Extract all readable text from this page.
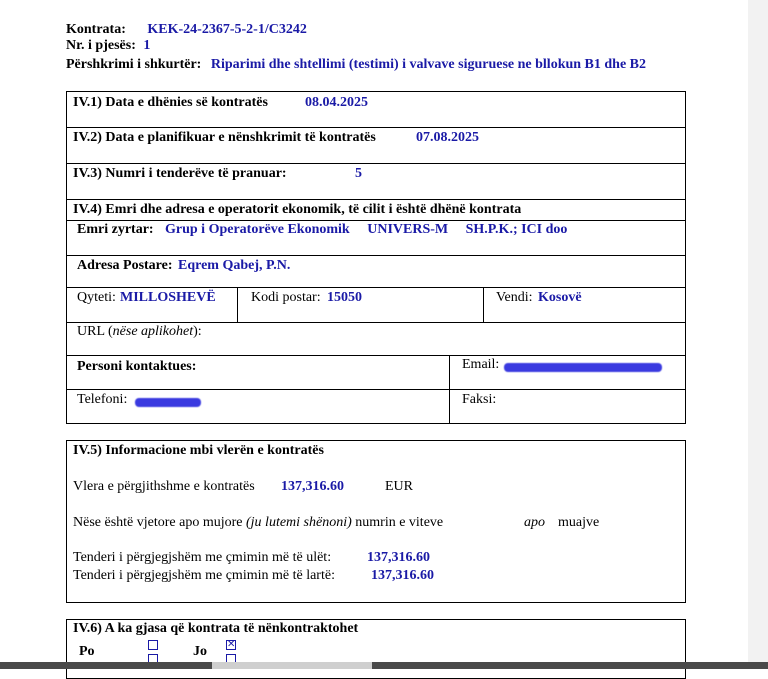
Kontrata: KEK-24-2367-5-2-1/C3242
Nr. i pjesës: 1
Përshkrimi i shkurtër: Riparimi dhe shtellimi (testimi) i valvave siguruese ne bllokun B1 dhe B2
IV.1) Data e dhënies së kontratës	08.04.2025
IV.2) Data e planifikuar e nënshkrimit të kontratës	07.08.2025
IV.3) Numri i tenderëve të pranuar:	5
IV.4) Emri dhe adresa e operatorit ekonomik, të cilit i është dhënë kontrata
Emri zyrtar: Grup i Operatorëve Ekonomik     UNIVERS-M     SH.P.K.; ICI doo
Adresa Postare: Eqrem Qabej, P.N.
Qyteti: MILLOSHEVË	Kodi postar: 15050	Vendi: Kosovë
URL (nëse aplikohet):
Personi kontaktues:	Email:
Telefoni:	Faksi:
IV.5) Informacione mbi vlerën e kontratës
Vlera e përgjithshme e kontratës 137,316.60	EUR
Nëse është vjetore apo mujore (ju lutemi shënoni) numrin e viteve	apo muajve
Tenderi i përgjegjshëm me çmimin më të ulët:	137,316.60
Tenderi i përgjegjshëm me çmimin më të lartë:	137,316.60
IV.6) A ka gjasa që kontrata të nënkontraktohet
Po	Jo ✕
